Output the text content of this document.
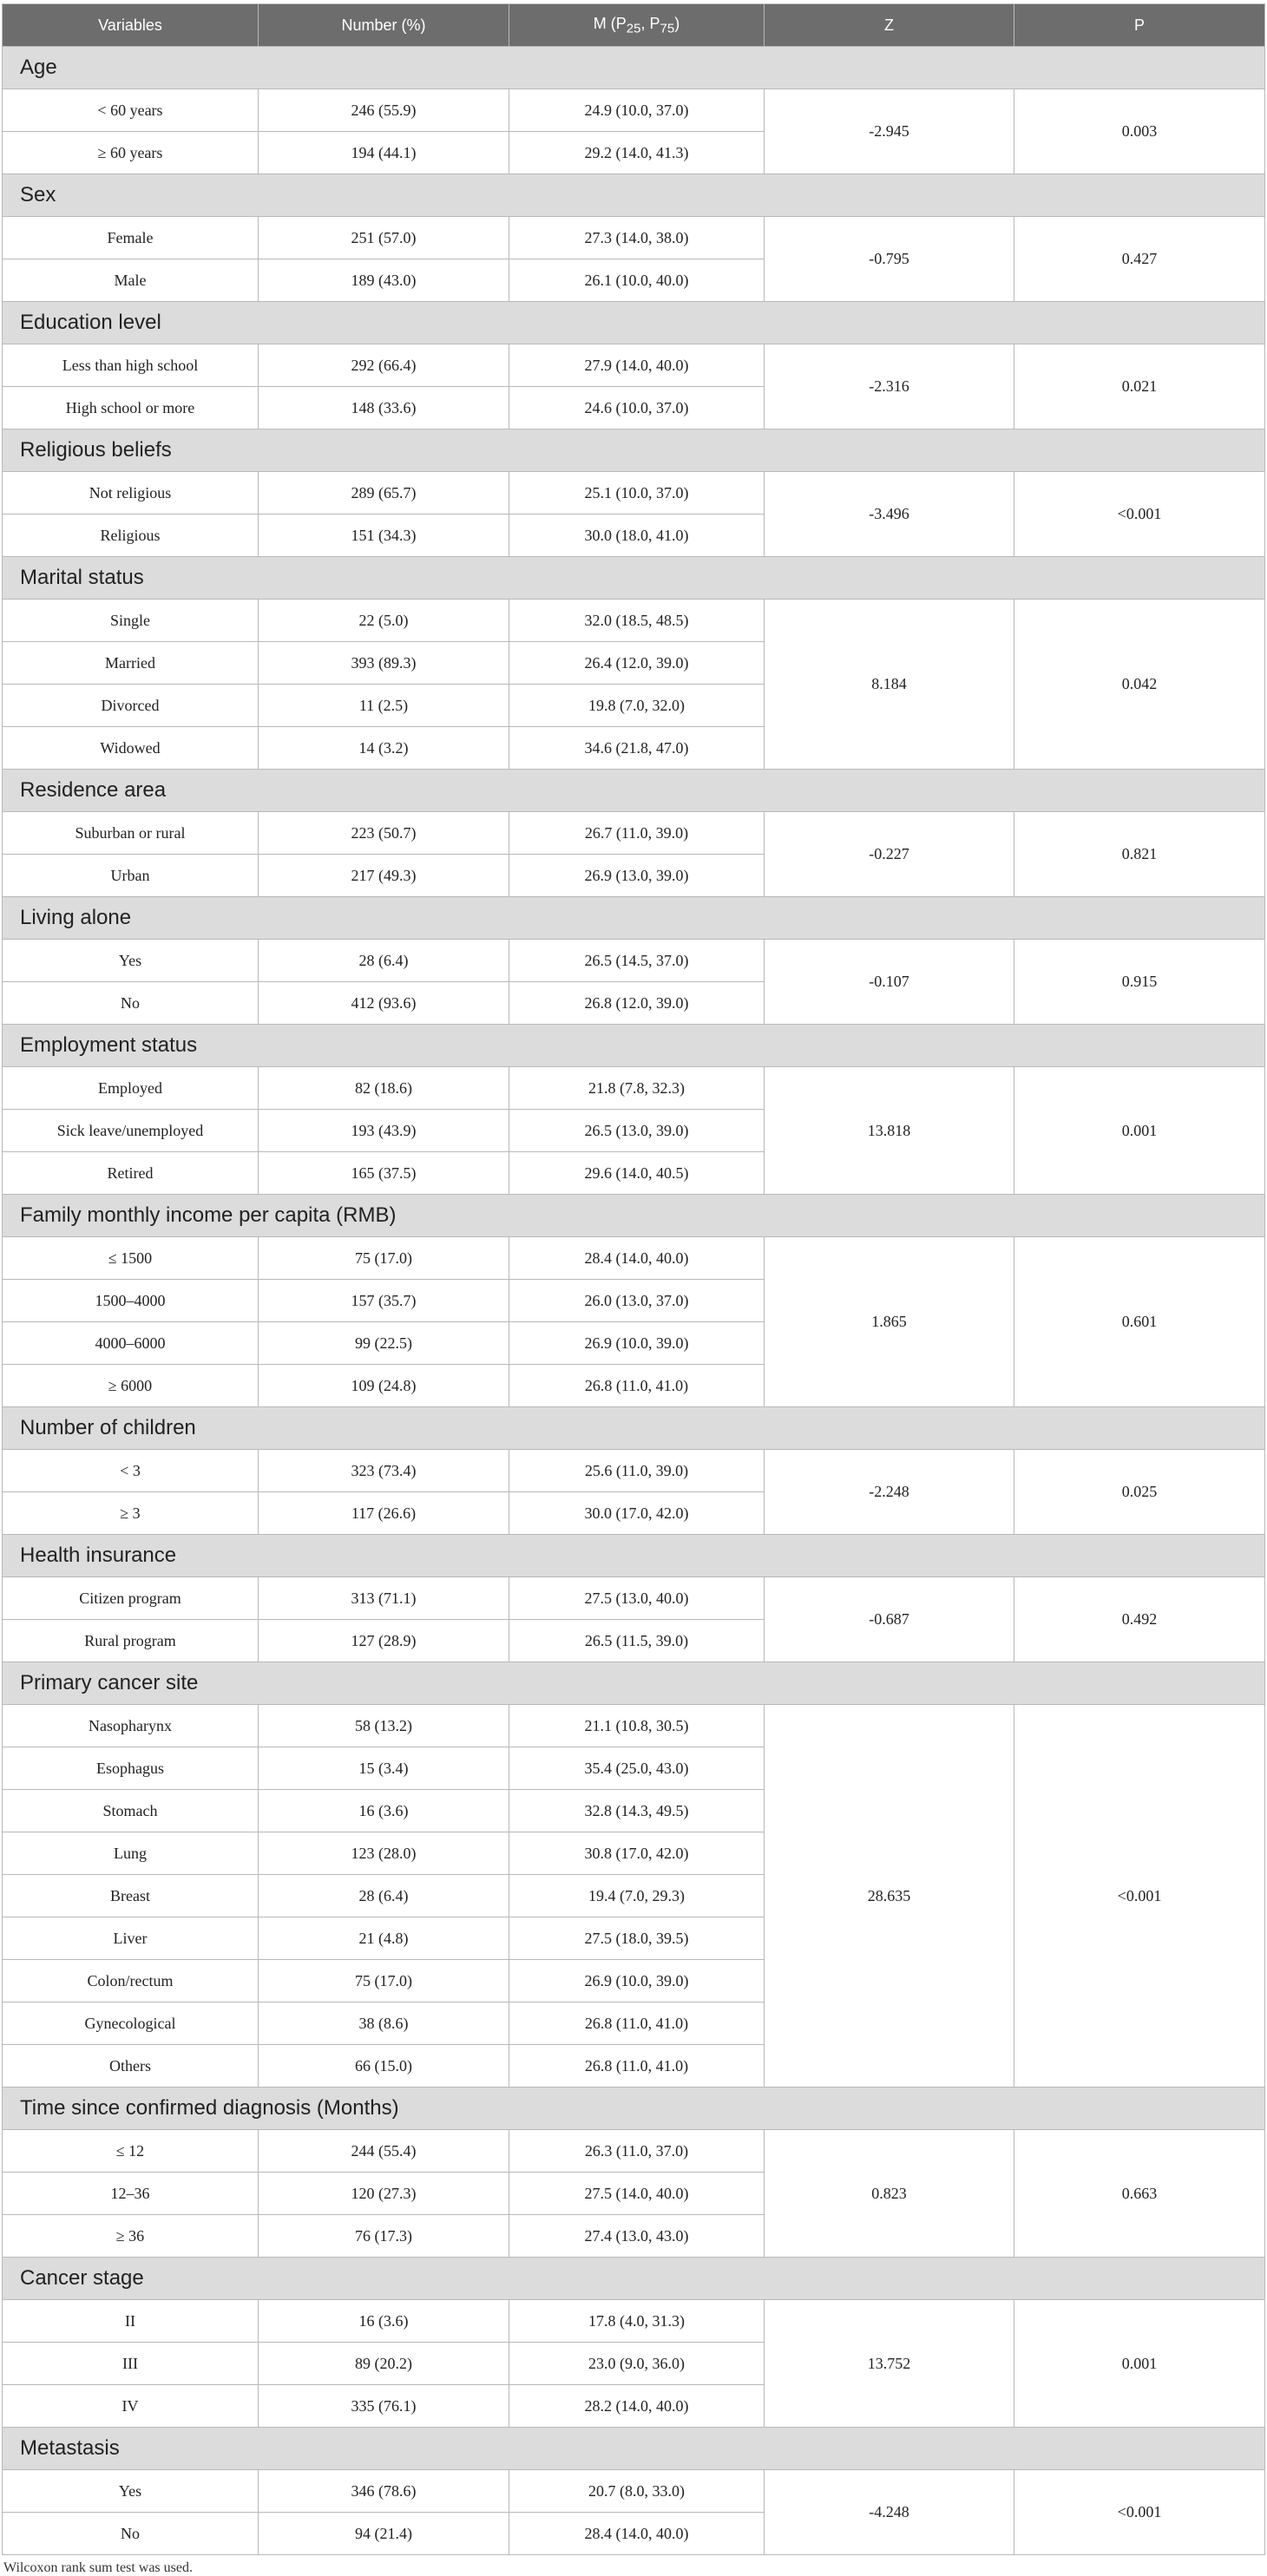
Variables	Number (%)	M ($P_{25}$, $P_{75}$)	Z	P
Age				
< 60 years	246 (55.9)	24.9 (10.0, 37.0)	-2.945	0.003
≥ 60 years	194 (44.1)	29.2 (14.0, 41.3)		
Sex				
Female	251 (57.0)	27.3 (14.0, 38.0)	-0.795	0.427
Male	189 (43.0)	26.1 (10.0, 40.0)		
Education level				
Less than high school	292 (66.4)	27.9 (14.0, 40.0)	-2.316	0.021
High school or more	148 (33.6)	24.6 (10.0, 37.0)		
Religious beliefs				
Not religious	289 (65.7)	25.1 (10.0, 37.0)	-3.496	<0.001
Religious	151 (34.3)	30.0 (18.0, 41.0)		
Marital status				
Single	22 (5.0)	32.0 (18.5, 48.5)	8.184	0.042
Married	393 (89.3)	26.4 (12.0, 39.0)		
Divorced	11 (2.5)	19.8 (7.0, 32.0)		
Widowed	14 (3.2)	34.6 (21.8, 47.0)		
Residence area				
Suburban or rural	223 (50.7)	26.7 (11.0, 39.0)	-0.227	0.821
Urban	217 (49.3)	26.9 (13.0, 39.0)		
Living alone				
Yes	28 (6.4)	26.5 (14.5, 37.0)	-0.107	0.915
No	412 (93.6)	26.8 (12.0, 39.0)		
Employment status				
Employed	82 (18.6)	21.8 (7.8, 32.3)	13.818	0.001
Sick leave/unemployed	193 (43.9)	26.5 (13.0, 39.0)		
Retired	165 (37.5)	29.6 (14.0, 40.5)		
Family monthly income per capita (RMB)				
≤ 1500	75 (17.0)	28.4 (14.0, 40.0)	1.865	0.601
1500–4000	157 (35.7)	26.0 (13.0, 37.0)		
4000–6000	99 (22.5)	26.9 (10.0, 39.0)		
≥ 6000	109 (24.8)	26.8 (11.0, 41.0)		
Number of children				
< 3	323 (73.4)	25.6 (11.0, 39.0)	-2.248	0.025
≥ 3	117 (26.6)	30.0 (17.0, 42.0)		
Health insurance				
Citizen program	313 (71.1)	27.5 (13.0, 40.0)	-0.687	0.492
Rural program	127 (28.9)	26.5 (11.5, 39.0)		
Primary cancer site				
Nasopharynx	58 (13.2)	21.1 (10.8, 30.5)	28.635	<0.001
Esophagus	15 (3.4)	35.4 (25.0, 43.0)		
Stomach	16 (3.6)	32.8 (14.3, 49.5)		
Lung	123 (28.0)	30.8 (17.0, 42.0)		
Breast	28 (6.4)	19.4 (7.0, 29.3)		
Liver	21 (4.8)	27.5 (18.0, 39.5)		
Colon/rectum	75 (17.0)	26.9 (10.0, 39.0)		
Gynecological	38 (8.6)	26.8 (11.0, 41.0)		
Others	66 (15.0)	26.8 (11.0, 41.0)		
Time since confirmed diagnosis (Months)				
≤ 12	244 (55.4)	26.3 (11.0, 37.0)	0.823	0.663
12–36	120 (27.3)	27.5 (14.0, 40.0)		
≥ 36	76 (17.3)	27.4 (13.0, 43.0)		
Cancer stage				
II	16 (3.6)	17.8 (4.0, 31.3)	13.752	0.001
III	89 (20.2)	23.0 (9.0, 36.0)		
IV	335 (76.1)	28.2 (14.0, 40.0)		
Metastasis				
Yes	346 (78.6)	20.7 (8.0, 33.0)	-4.248	<0.001
No	94 (21.4)	28.4 (14.0, 40.0)		
Wilcoxon rank sum test was used.
